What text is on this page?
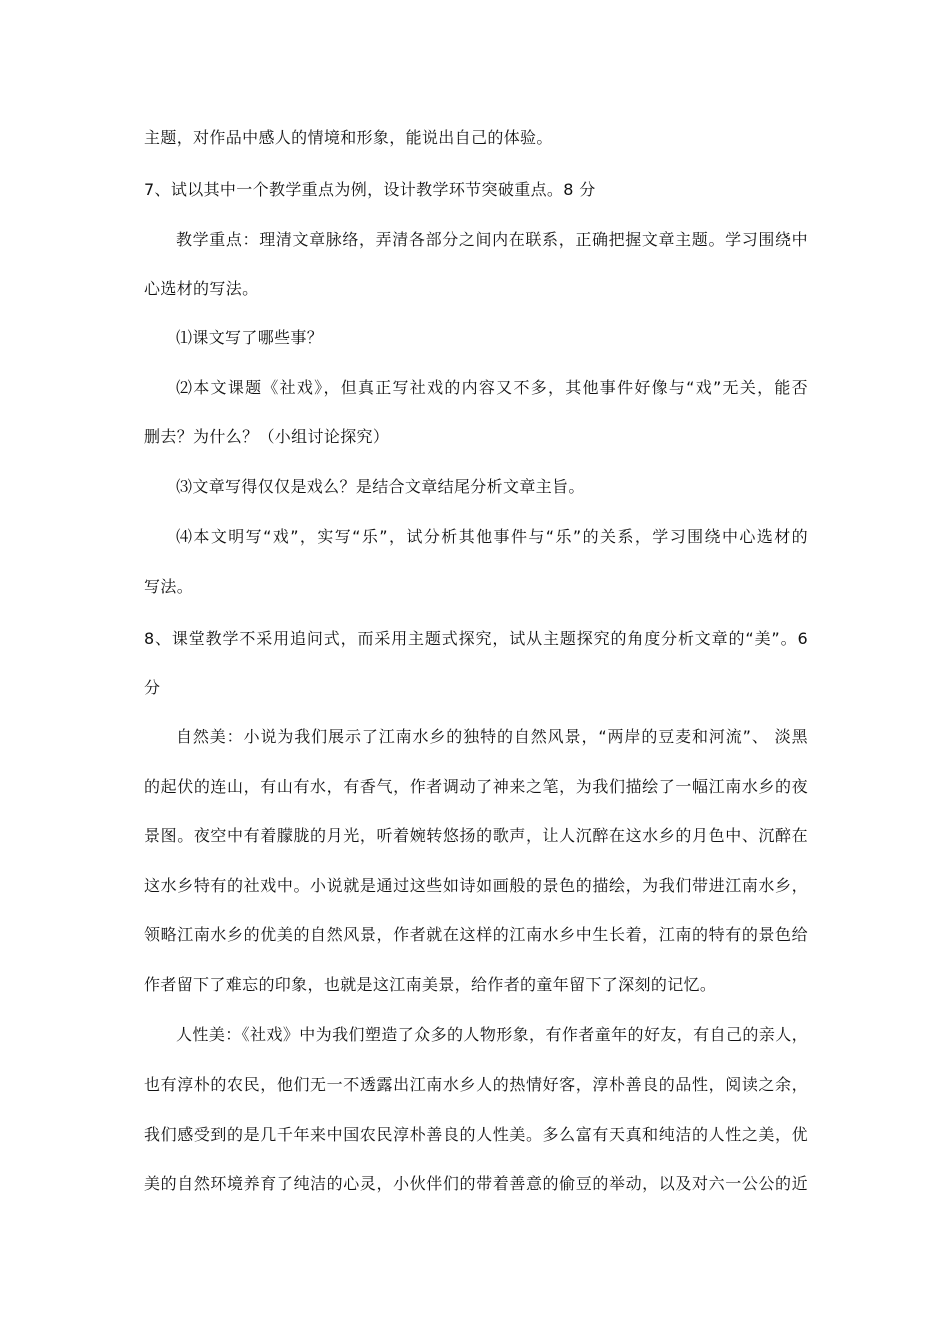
主题，对作品中感人的情境和形象，能说出自己的体验。
7、试以其中一个教学重点为例，设计教学环节突破重点。8 分
教学重点：理清文章脉络，弄清各部分之间内在联系，正确把握文章主题。学习围绕中
心选材的写法。
⑴课文写了哪些事？
⑵本文课题《社戏》，但真正写社戏的内容又不多，其他事件好像与“戏”无关，能否
删去？为什么？（小组讨论探究）
⑶文章写得仅仅是戏么？是结合文章结尾分析文章主旨。
⑷本文明写“戏”，实写“乐”，试分析其他事件与“乐”的关系，学习围绕中心选材的
写法。
8、课堂教学不采用追问式，而采用主题式探究，试从主题探究的角度分析文章的“美”。6
分
自然美：小说为我们展示了江南水乡的独特的自然风景，“两岸的豆麦和河流”、 淡黑
的起伏的连山，有山有水，有香气，作者调动了神来之笔，为我们描绘了一幅江南水乡的夜
景图。夜空中有着朦胧的月光，听着婉转悠扬的歌声，让人沉醉在这水乡的月色中、沉醉在
这水乡特有的社戏中。小说就是通过这些如诗如画般的景色的描绘，为我们带进江南水乡，
领略江南水乡的优美的自然风景，作者就在这样的江南水乡中生长着，江南的特有的景色给
作者留下了难忘的印象，也就是这江南美景，给作者的童年留下了深刻的记忆。
人性美：《社戏》中为我们塑造了众多的人物形象，有作者童年的好友，有自己的亲人，
也有淳朴的农民，他们无一不透露出江南水乡人的热情好客，淳朴善良的品性，阅读之余，
我们感受到的是几千年来中国农民淳朴善良的人性美。多么富有天真和纯洁的人性之美，优
美的自然环境养育了纯洁的心灵，小伙伴们的带着善意的偷豆的举动，以及对六一公公的近
